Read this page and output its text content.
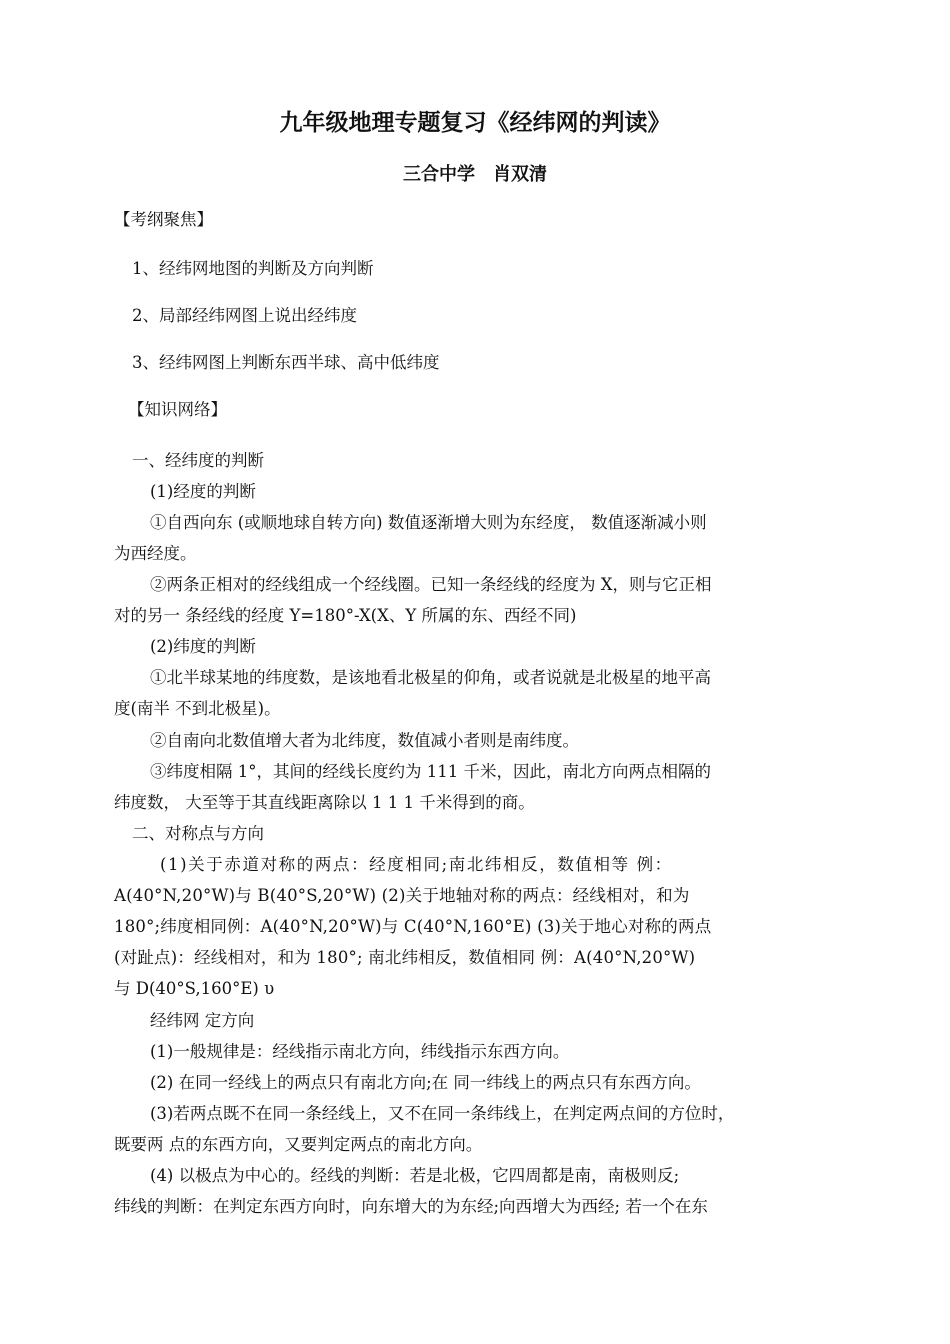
九年级地理专题复习《经纬网的判读》
三合中学　肖双清
【考纲聚焦】
1、经纬网地图的判断及方向判断
2、局部经纬网图上说出经纬度
3、经纬网图上判断东西半球、高中低纬度
【知识网络】
一、经纬度的判断
(1)经度的判断
①自西向东 (或顺地球自转方向) 数值逐渐增大则为东经度， 数值逐渐减小则
为西经度。
②两条正相对的经线组成一个经线圈。已知一条经线的经度为 X，则与它正相
对的另一 条经线的经度 Y=180°-X(X、Y 所属的东、西经不同)
(2)纬度的判断
①北半球某地的纬度数，是该地看北极星的仰角，或者说就是北极星的地平高
度(南半 不到北极星)。
②自南向北数值增大者为北纬度，数值减小者则是南纬度。
③纬度相隔 1°，其间的经线长度约为 111 千米，因此，南北方向两点相隔的
纬度数， 大至等于其直线距离除以 1 1 1 千米得到的商。
二、对称点与方向
(1)关于赤道对称的两点：经度相同;南北纬相反，数值相等 例：
A(40°N,20°W)与 B(40°S,20°W) (2)关于地轴对称的两点：经线相对，和为
180°;纬度相同例：A(40°N,20°W)与 C(40°N,160°E) (3)关于地心对称的两点
(对趾点)：经线相对，和为 180°; 南北纬相反，数值相同 例：A(40°N,20°W)
与 D(40°S,160°E) υ
经纬网 定方向
(1)一般规律是：经线指示南北方向，纬线指示东西方向。
(2) 在同一经线上的两点只有南北方向;在 同一纬线上的两点只有东西方向。
(3)若两点既不在同一条经线上，又不在同一条纬线上，在判定两点间的方位时，
既要两 点的东西方向，又要判定两点的南北方向。
(4) 以极点为中心的。经线的判断：若是北极，它四周都是南，南极则反;
纬线的判断：在判定东西方向时，向东增大的为东经;向西增大为西经; 若一个在东
